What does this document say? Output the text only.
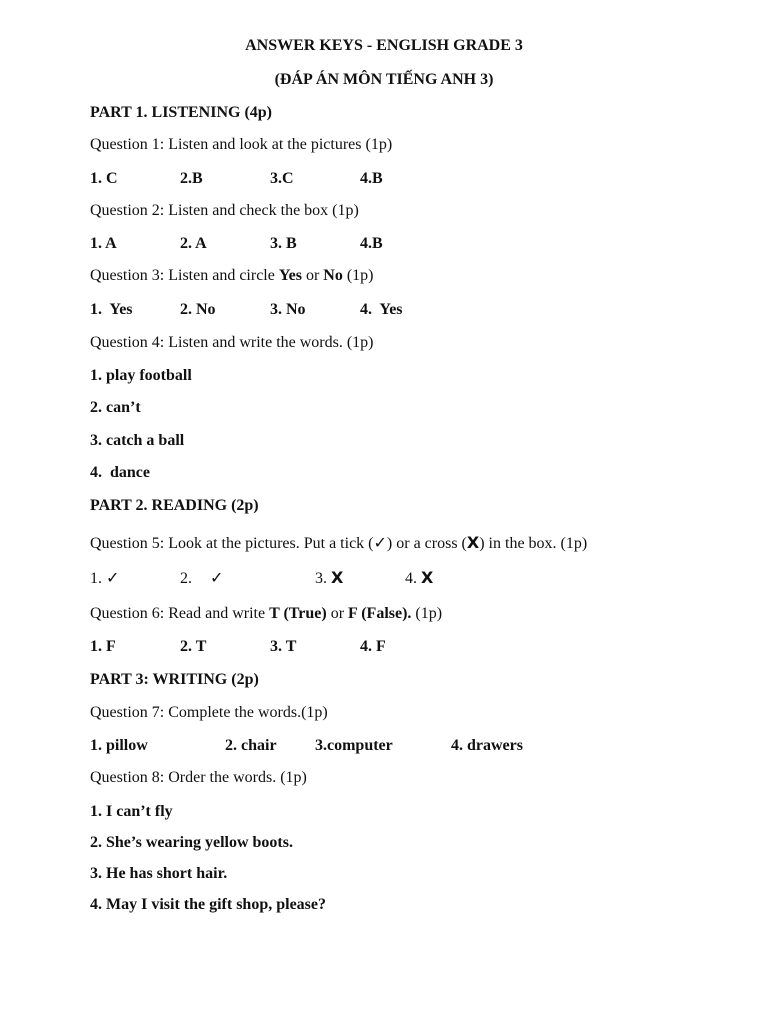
ANSWER KEYS - ENGLISH GRADE 3
(ĐÁP ÁN MÔN TIẾNG ANH 3)
PART 1. LISTENING (4p)
Question 1: Listen and look at the pictures (1p)
1. C	2.B	3.C	4.B
Question 2: Listen and check the box (1p)
1. A	2. A	3. B	4.B
Question 3: Listen and circle Yes or No (1p)
1.  Yes	2. No	3. No	4.  Yes
Question 4: Listen and write the words. (1p)
1. play football
2. can’t
3. catch a ball
4.  dance
PART 2. READING (2p)
Question 5: Look at the pictures. Put a tick (✓) or a cross (X) in the box. (1p)
1. ✓	2. ✓	3. X	4. X
Question 6: Read and write T (True) or F (False). (1p)
1. F	2. T	3. T	4. F
PART 3: WRITING (2p)
Question 7: Complete the words.(1p)
1. pillow	2. chair 3.computer	4. drawers
Question 8: Order the words. (1p)
1. I can’t fly
2. She’s wearing yellow boots.
3. He has short hair.
4. May I visit the gift shop, please?
